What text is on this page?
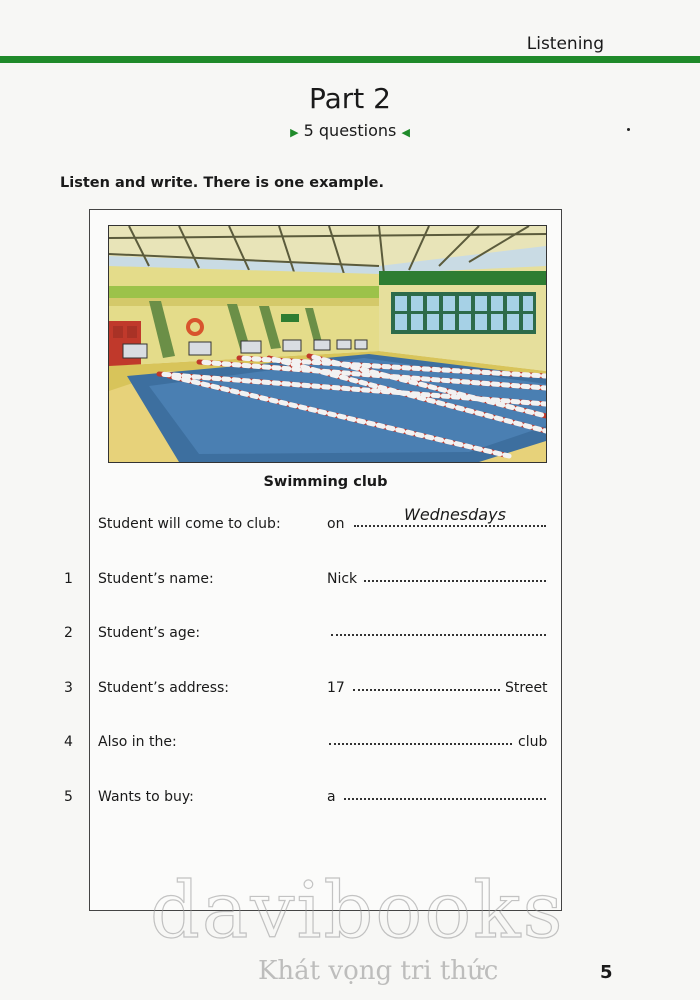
Listening
Part 2
▶ 5 questions ◀
Listen and write. There is one example.
Swimming club
Student will come to club:	on	Wednesdays
1 Student’s name:	Nick
2 Student’s age:
3 Student’s address:	17	Street
4 Also in the:	club
5 Wants to buy:	a
davibooks
Khát vọng tri thức	5
